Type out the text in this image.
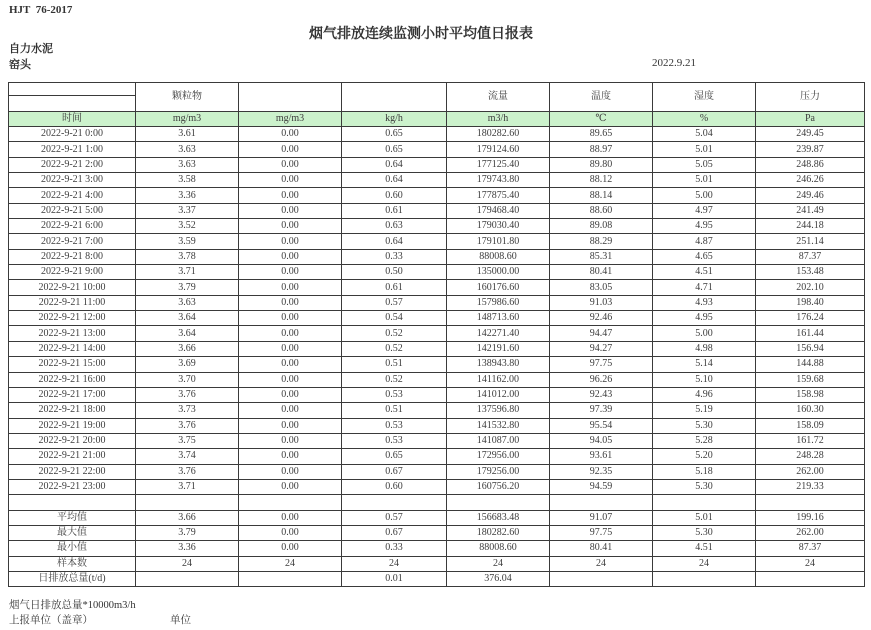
HJT  76-2017
烟气排放连续监测小时平均值日报表
自力水泥
窑头	2022.9.21
	颗粒物			流量	温度	湿度	压力

时间	mg/m3	mg/m3	kg/h	m3/h	℃	%	Pa
2022-9-21 0:00	3.61	0.00	0.65	180282.60	89.65	5.04	249.45
2022-9-21 1:00	3.63	0.00	0.65	179124.60	88.97	5.01	239.87
2022-9-21 2:00	3.63	0.00	0.64	177125.40	89.80	5.05	248.86
2022-9-21 3:00	3.58	0.00	0.64	179743.80	88.12	5.01	246.26
2022-9-21 4:00	3.36	0.00	0.60	177875.40	88.14	5.00	249.46
2022-9-21 5:00	3.37	0.00	0.61	179468.40	88.60	4.97	241.49
2022-9-21 6:00	3.52	0.00	0.63	179030.40	89.08	4.95	244.18
2022-9-21 7:00	3.59	0.00	0.64	179101.80	88.29	4.87	251.14
2022-9-21 8:00	3.78	0.00	0.33	88008.60	85.31	4.65	87.37
2022-9-21 9:00	3.71	0.00	0.50	135000.00	80.41	4.51	153.48
2022-9-21 10:00	3.79	0.00	0.61	160176.60	83.05	4.71	202.10
2022-9-21 11:00	3.63	0.00	0.57	157986.60	91.03	4.93	198.40
2022-9-21 12:00	3.64	0.00	0.54	148713.60	92.46	4.95	176.24
2022-9-21 13:00	3.64	0.00	0.52	142271.40	94.47	5.00	161.44
2022-9-21 14:00	3.66	0.00	0.52	142191.60	94.27	4.98	156.94
2022-9-21 15:00	3.69	0.00	0.51	138943.80	97.75	5.14	144.88
2022-9-21 16:00	3.70	0.00	0.52	141162.00	96.26	5.10	159.68
2022-9-21 17:00	3.76	0.00	0.53	141012.00	92.43	4.96	158.98
2022-9-21 18:00	3.73	0.00	0.51	137596.80	97.39	5.19	160.30
2022-9-21 19:00	3.76	0.00	0.53	141532.80	95.54	5.30	158.09
2022-9-21 20:00	3.75	0.00	0.53	141087.00	94.05	5.28	161.72
2022-9-21 21:00	3.74	0.00	0.65	172956.00	93.61	5.20	248.28
2022-9-21 22:00	3.76	0.00	0.67	179256.00	92.35	5.18	262.00
2022-9-21 23:00	3.71	0.00	0.60	160756.20	94.59	5.30	219.33

平均值	3.66	0.00	0.57	156683.48	91.07	5.01	199.16
最大值	3.79	0.00	0.67	180282.60	97.75	5.30	262.00
最小值	3.36	0.00	0.33	88008.60	80.41	4.51	87.37
样本数	24	24	24	24	24	24	24
日排放总量(t/d)			0.01	376.04			
烟气日排放总量*10000m3/h
上报单位（盖章）	单位
